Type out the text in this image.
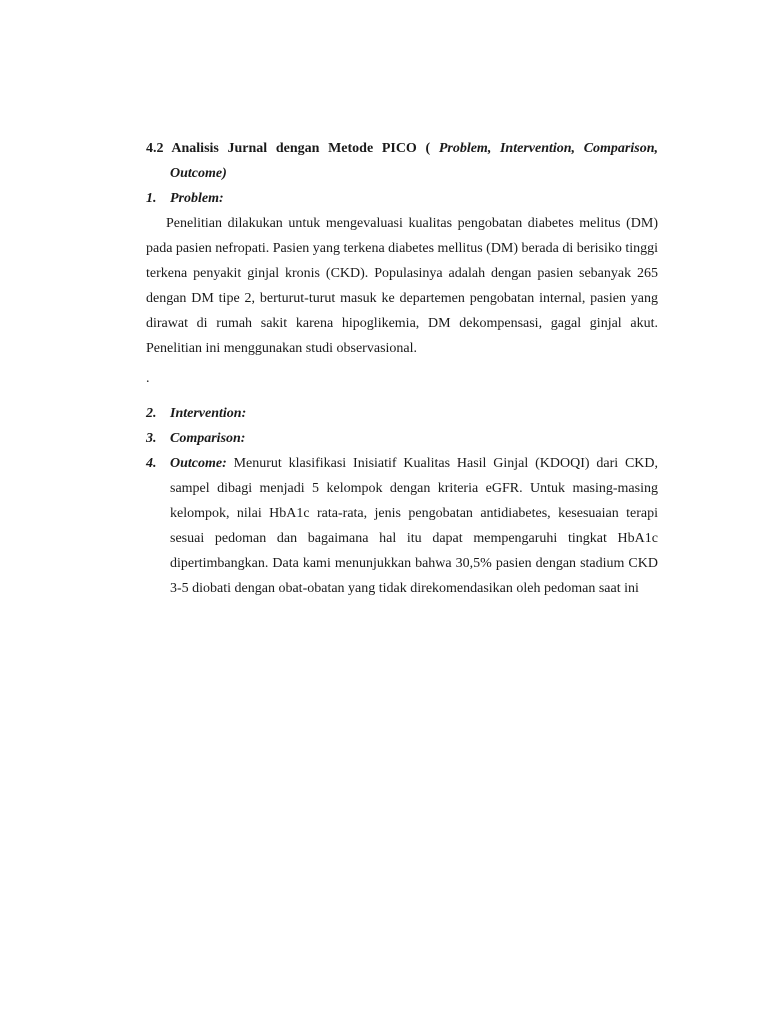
4.2 Analisis Jurnal dengan Metode PICO ( Problem, Intervention, Comparison,

Outcome)

1. Problem:

Penelitian dilakukan untuk mengevaluasi kualitas pengobatan diabetes melitus (DM) pada pasien nefropati. Pasien yang terkena diabetes mellitus (DM) berada di berisiko tinggi terkena penyakit ginjal kronis (CKD). Populasinya adalah dengan pasien sebanyak 265 dengan DM tipe 2, berturut-turut masuk ke departemen pengobatan internal, pasien yang dirawat di rumah sakit karena hipoglikemia, DM dekompensasi, gagal ginjal akut. Penelitian ini menggunakan studi observasional.

.

2. Intervention:

3. Comparison:

4. Outcome: Menurut klasifikasi Inisiatif Kualitas Hasil Ginjal (KDOQI) dari CKD, sampel dibagi menjadi 5 kelompok dengan kriteria eGFR. Untuk masing-masing kelompok, nilai HbA1c rata-rata, jenis pengobatan antidiabetes, kesesuaian terapi sesuai pedoman dan bagaimana hal itu dapat mempengaruhi tingkat HbA1c dipertimbangkan. Data kami menunjukkan bahwa 30,5% pasien dengan stadium CKD 3-5 diobati dengan obat-obatan yang tidak direkomendasikan oleh pedoman saat ini
